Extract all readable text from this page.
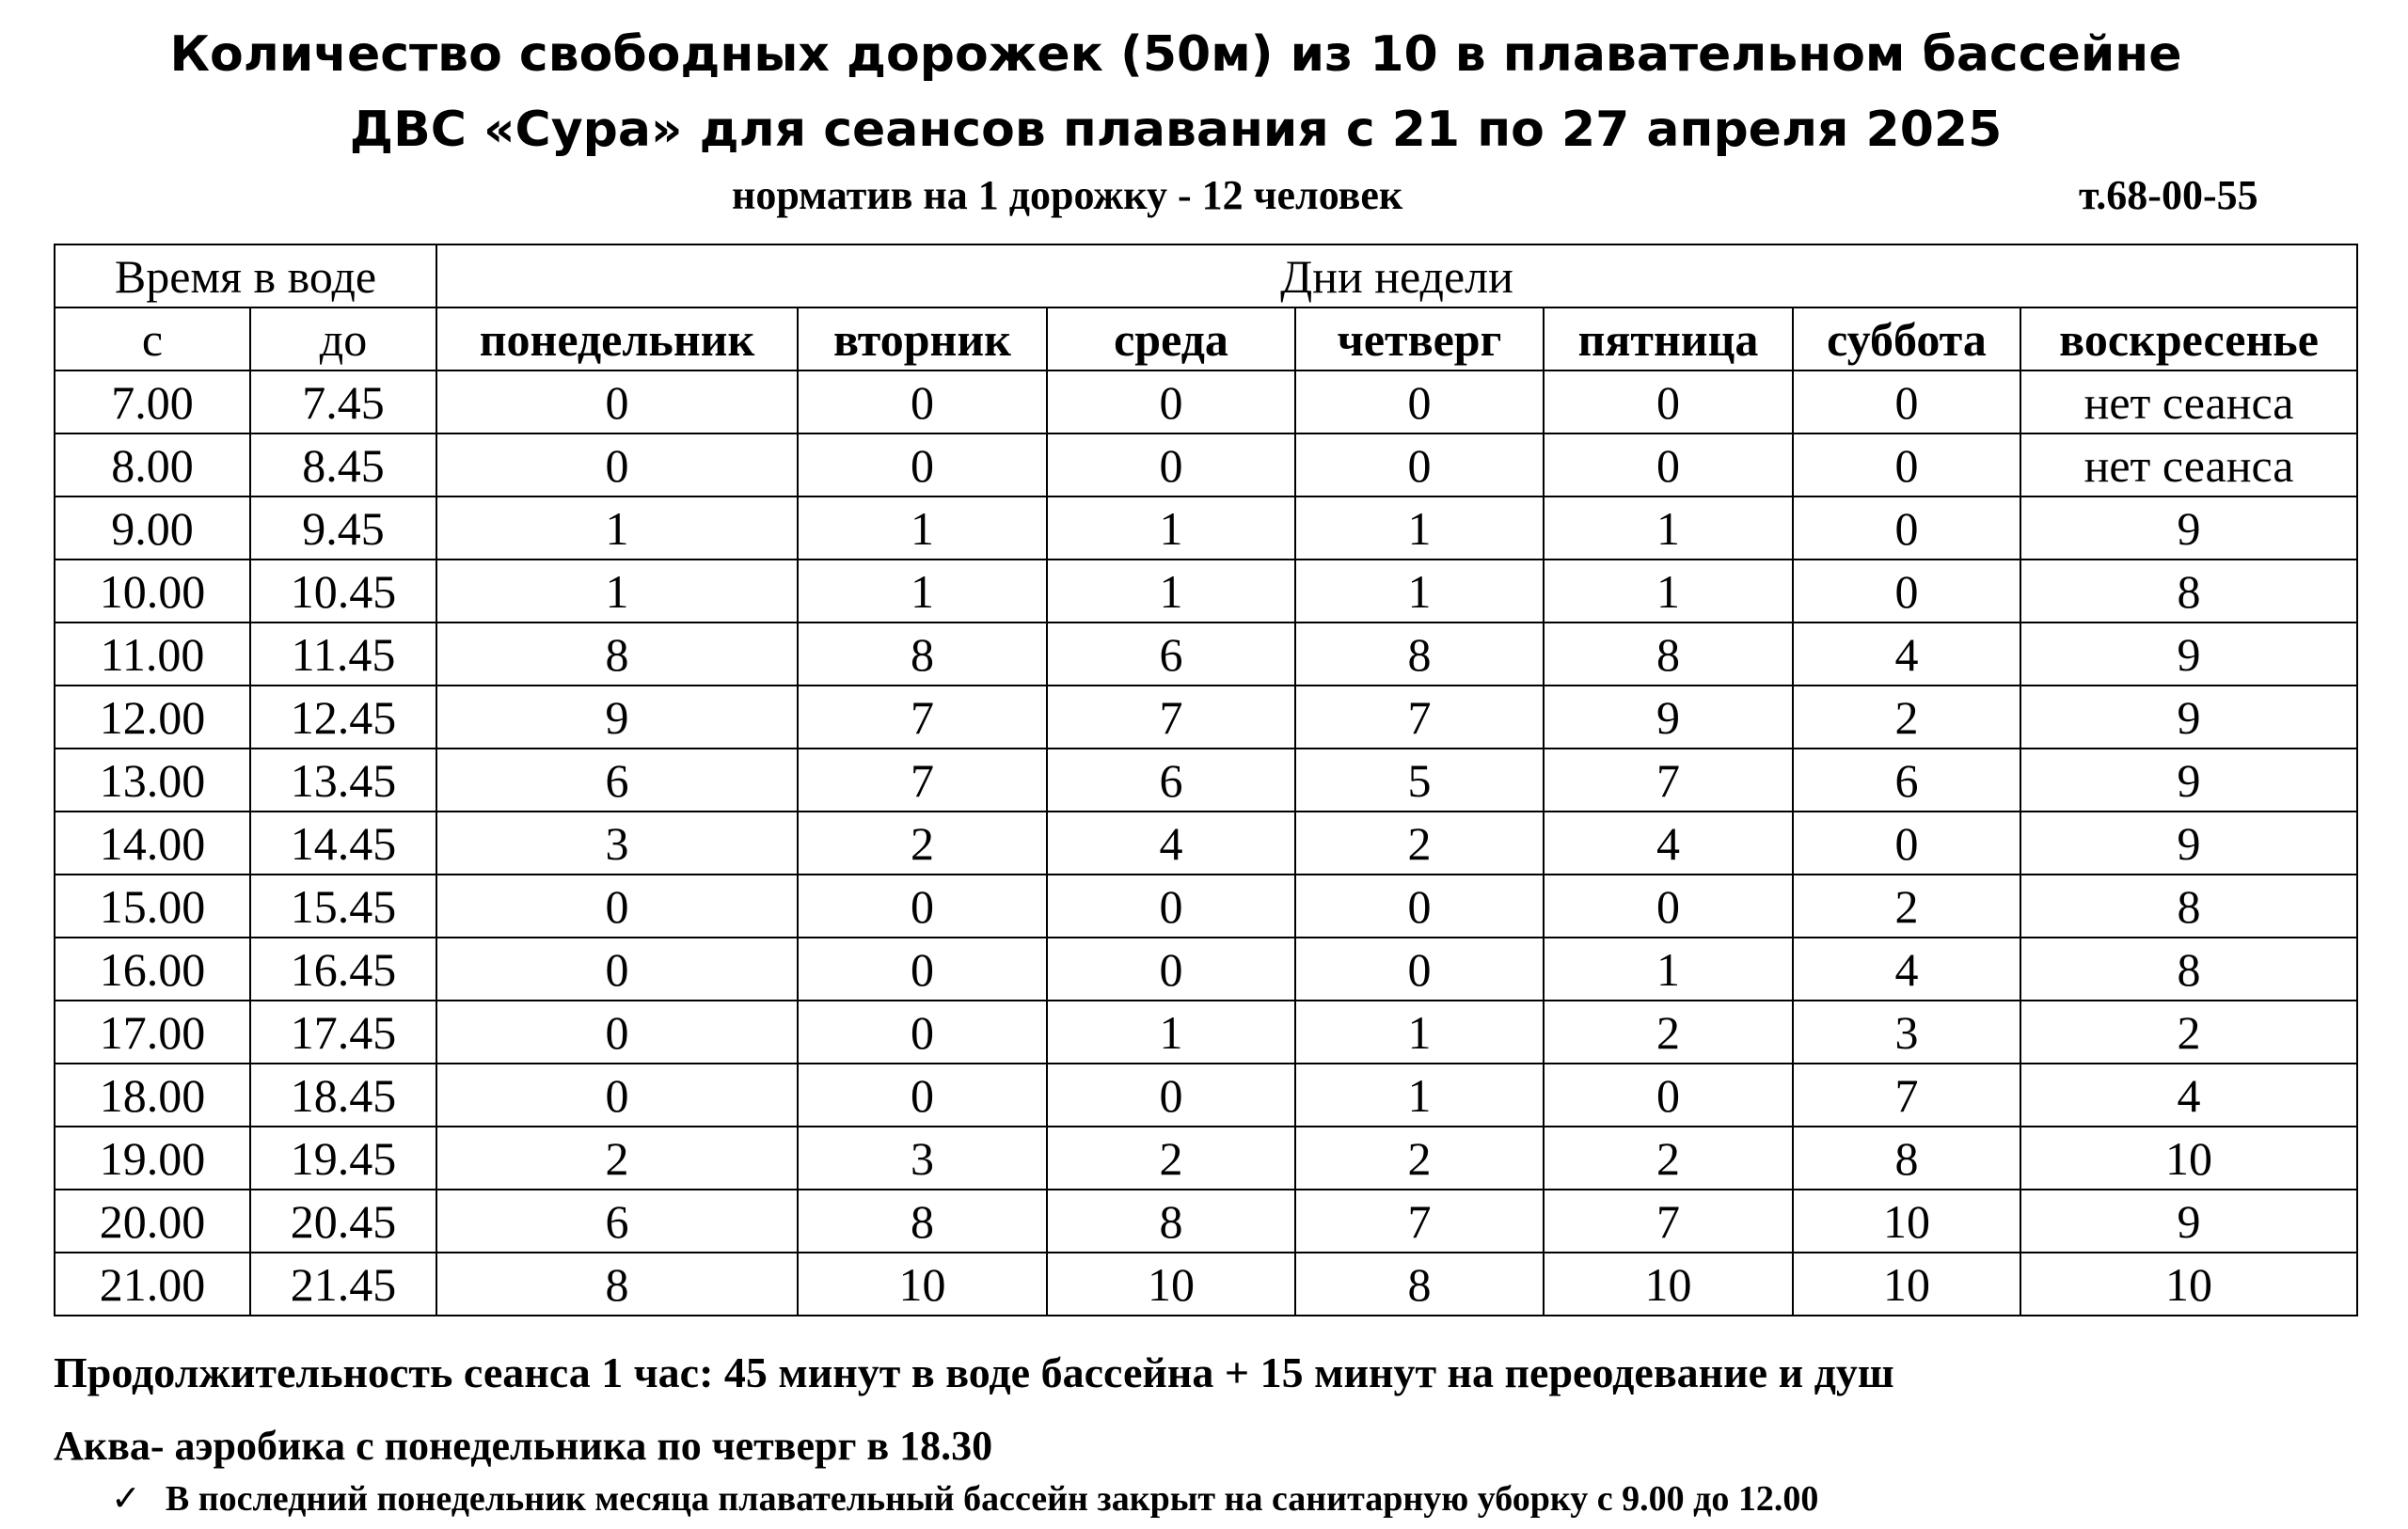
Количество свободных дорожек (50м) из 10 в плавательном бассейне
ДВС «Сура» для сеансов плавания с 21 по 27 апреля 2025
норматив на 1 дорожку - 12 человек	т.68-00-55
Время в воде		Дни недели						
с	до	понедельник	вторник	среда	четверг	пятница	суббота	воскресенье
7.00	7.45	0	0	0	0	0	0	нет сеанса
8.00	8.45	0	0	0	0	0	0	нет сеанса
9.00	9.45	1	1	1	1	1	0	9
10.00	10.45	1	1	1	1	1	0	8
11.00	11.45	8	8	6	8	8	4	9
12.00	12.45	9	7	7	7	9	2	9
13.00	13.45	6	7	6	5	7	6	9
14.00	14.45	3	2	4	2	4	0	9
15.00	15.45	0	0	0	0	0	2	8
16.00	16.45	0	0	0	0	1	4	8
17.00	17.45	0	0	1	1	2	3	2
18.00	18.45	0	0	0	1	0	7	4
19.00	19.45	2	3	2	2	2	8	10
20.00	20.45	6	8	8	7	7	10	9
21.00	21.45	8	10	10	8	10	10	10
Продолжительность сеанса 1 час: 45 минут в воде бассейна + 15 минут на переодевание и душ
Аква- аэробика с понедельника по четверг в 18.30
✓ В последний понедельник месяца плавательный бассейн закрыт на санитарную уборку с 9.00 до 12.00
